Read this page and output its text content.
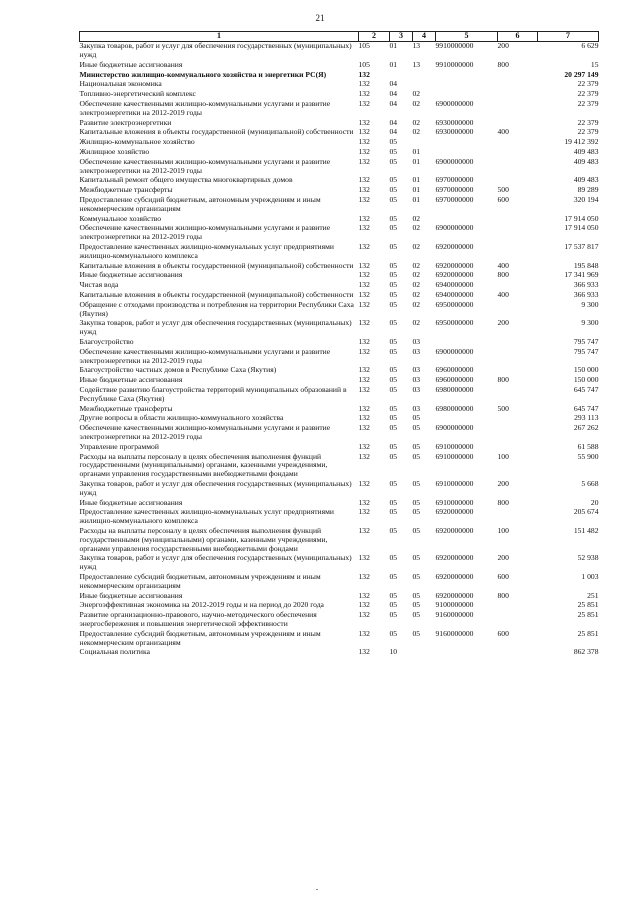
21
1	2	3	4	5	6	7
Закупка товаров, работ и услуг для обеспечения государственных (муниципальных) нужд	105	01	13	9910000000	200	6 629
Иные бюджетные ассигнования	105	01	13	9910000000	800	15
Министерство жилищно-коммунального хозяйства и энергетики РС(Я)	132					20 297 149
Национальная экономика	132	04				22 379
Топливно-энергетический комплекс	132	04	02			22 379
Обеспечение качественными жилищно-коммунальными услугами и развитие электроэнергетики на 2012-2019 годы	132	04	02	6900000000		22 379
Развитие электроэнергетики	132	04	02	6930000000		22 379
Капитальные вложения в объекты государственной (муниципальной) собственности	132	04	02	6930000000	400	22 379
Жилищно-коммунальное хозяйство	132	05				19 412 392
Жилищное хозяйство	132	05	01			409 483
Обеспечение качественными жилищно-коммунальными услугами и развитие электроэнергетики на 2012-2019 годы	132	05	01	6900000000		409 483
Капитальный ремонт общего имущества многоквартирных домов	132	05	01	6970000000		409 483
Межбюджетные трансферты	132	05	01	6970000000	500	89 289
Предоставление субсидий бюджетным, автономным учреждениям и иным некоммерческим организациям	132	05	01	6970000000	600	320 194
Коммунальное хозяйство	132	05	02			17 914 050
Обеспечение качественными жилищно-коммунальными услугами и развитие электроэнергетики на 2012-2019 годы	132	05	02	6900000000		17 914 050
Предоставление качественных жилищно-коммунальных услуг предприятиями жилищно-коммунального комплекса	132	05	02	6920000000		17 537 817
Капитальные вложения в объекты государственной (муниципальной) собственности	132	05	02	6920000000	400	195 848
Иные бюджетные ассигнования	132	05	02	6920000000	800	17 341 969
Чистая вода	132	05	02	6940000000		366 933
Капитальные вложения в объекты государственной (муниципальной) собственности	132	05	02	6940000000	400	366 933
Обращение с отходами производства и потребления на территории Республики Саха (Якутия)	132	05	02	6950000000		9 300
Закупка товаров, работ и услуг для обеспечения государственных (муниципальных) нужд	132	05	02	6950000000	200	9 300
Благоустройство	132	05	03			795 747
Обеспечение качественными жилищно-коммунальными услугами и развитие электроэнергетики на 2012-2019 годы	132	05	03	6900000000		795 747
Благоустройство частных домов в Республике Саха (Якутия)	132	05	03	6960000000		150 000
Иные бюджетные ассигнования	132	05	03	6960000000	800	150 000
Содействие развитию благоустройства территорий муниципальных образований в Республике Саха (Якутия)	132	05	03	6980000000		645 747
Межбюджетные трансферты	132	05	03	6980000000	500	645 747
Другие вопросы в области жилищно-коммунального хозяйства	132	05	05			293 113
Обеспечение качественными жилищно-коммунальными услугами и развитие электроэнергетики на 2012-2019 годы	132	05	05	6900000000		267 262
Управление программой	132	05	05	6910000000		61 588
Расходы на выплаты персоналу в целях обеспечения выполнения функций государственными (муниципальными) органами, казенными учреждениями, органами управления государственными внебюджетными фондами	132	05	05	6910000000	100	55 900
Закупка товаров, работ и услуг для обеспечения государственных (муниципальных) нужд	132	05	05	6910000000	200	5 668
Иные бюджетные ассигнования	132	05	05	6910000000	800	20
Предоставление качественных жилищно-коммунальных услуг предприятиями жилищно-коммунального комплекса	132	05	05	6920000000		205 674
Расходы на выплаты персоналу в целях обеспечения выполнения функций государственными (муниципальными) органами, казенными учреждениями, органами управления государственными внебюджетными фондами	132	05	05	6920000000	100	151 482
Закупка товаров, работ и услуг для обеспечения государственных (муниципальных) нужд	132	05	05	6920000000	200	52 938
Предоставление субсидий бюджетным, автономным учреждениям и иным некоммерческим организациям	132	05	05	6920000000	600	1 003
Иные бюджетные ассигнования	132	05	05	6920000000	800	251
Энергоэффективная экономика на 2012-2019 годы и на период до 2020 года	132	05	05	9100000000		25 851
Развитие организационно-правового, научно-методического обеспечения энергосбережения и повышения энергетической эффективности	132	05	05	9160000000		25 851
Предоставление субсидий бюджетным, автономным учреждениям и иным некоммерческим организациям	132	05	05	9160000000	600	25 851
Социальная политика	132	10				862 378
